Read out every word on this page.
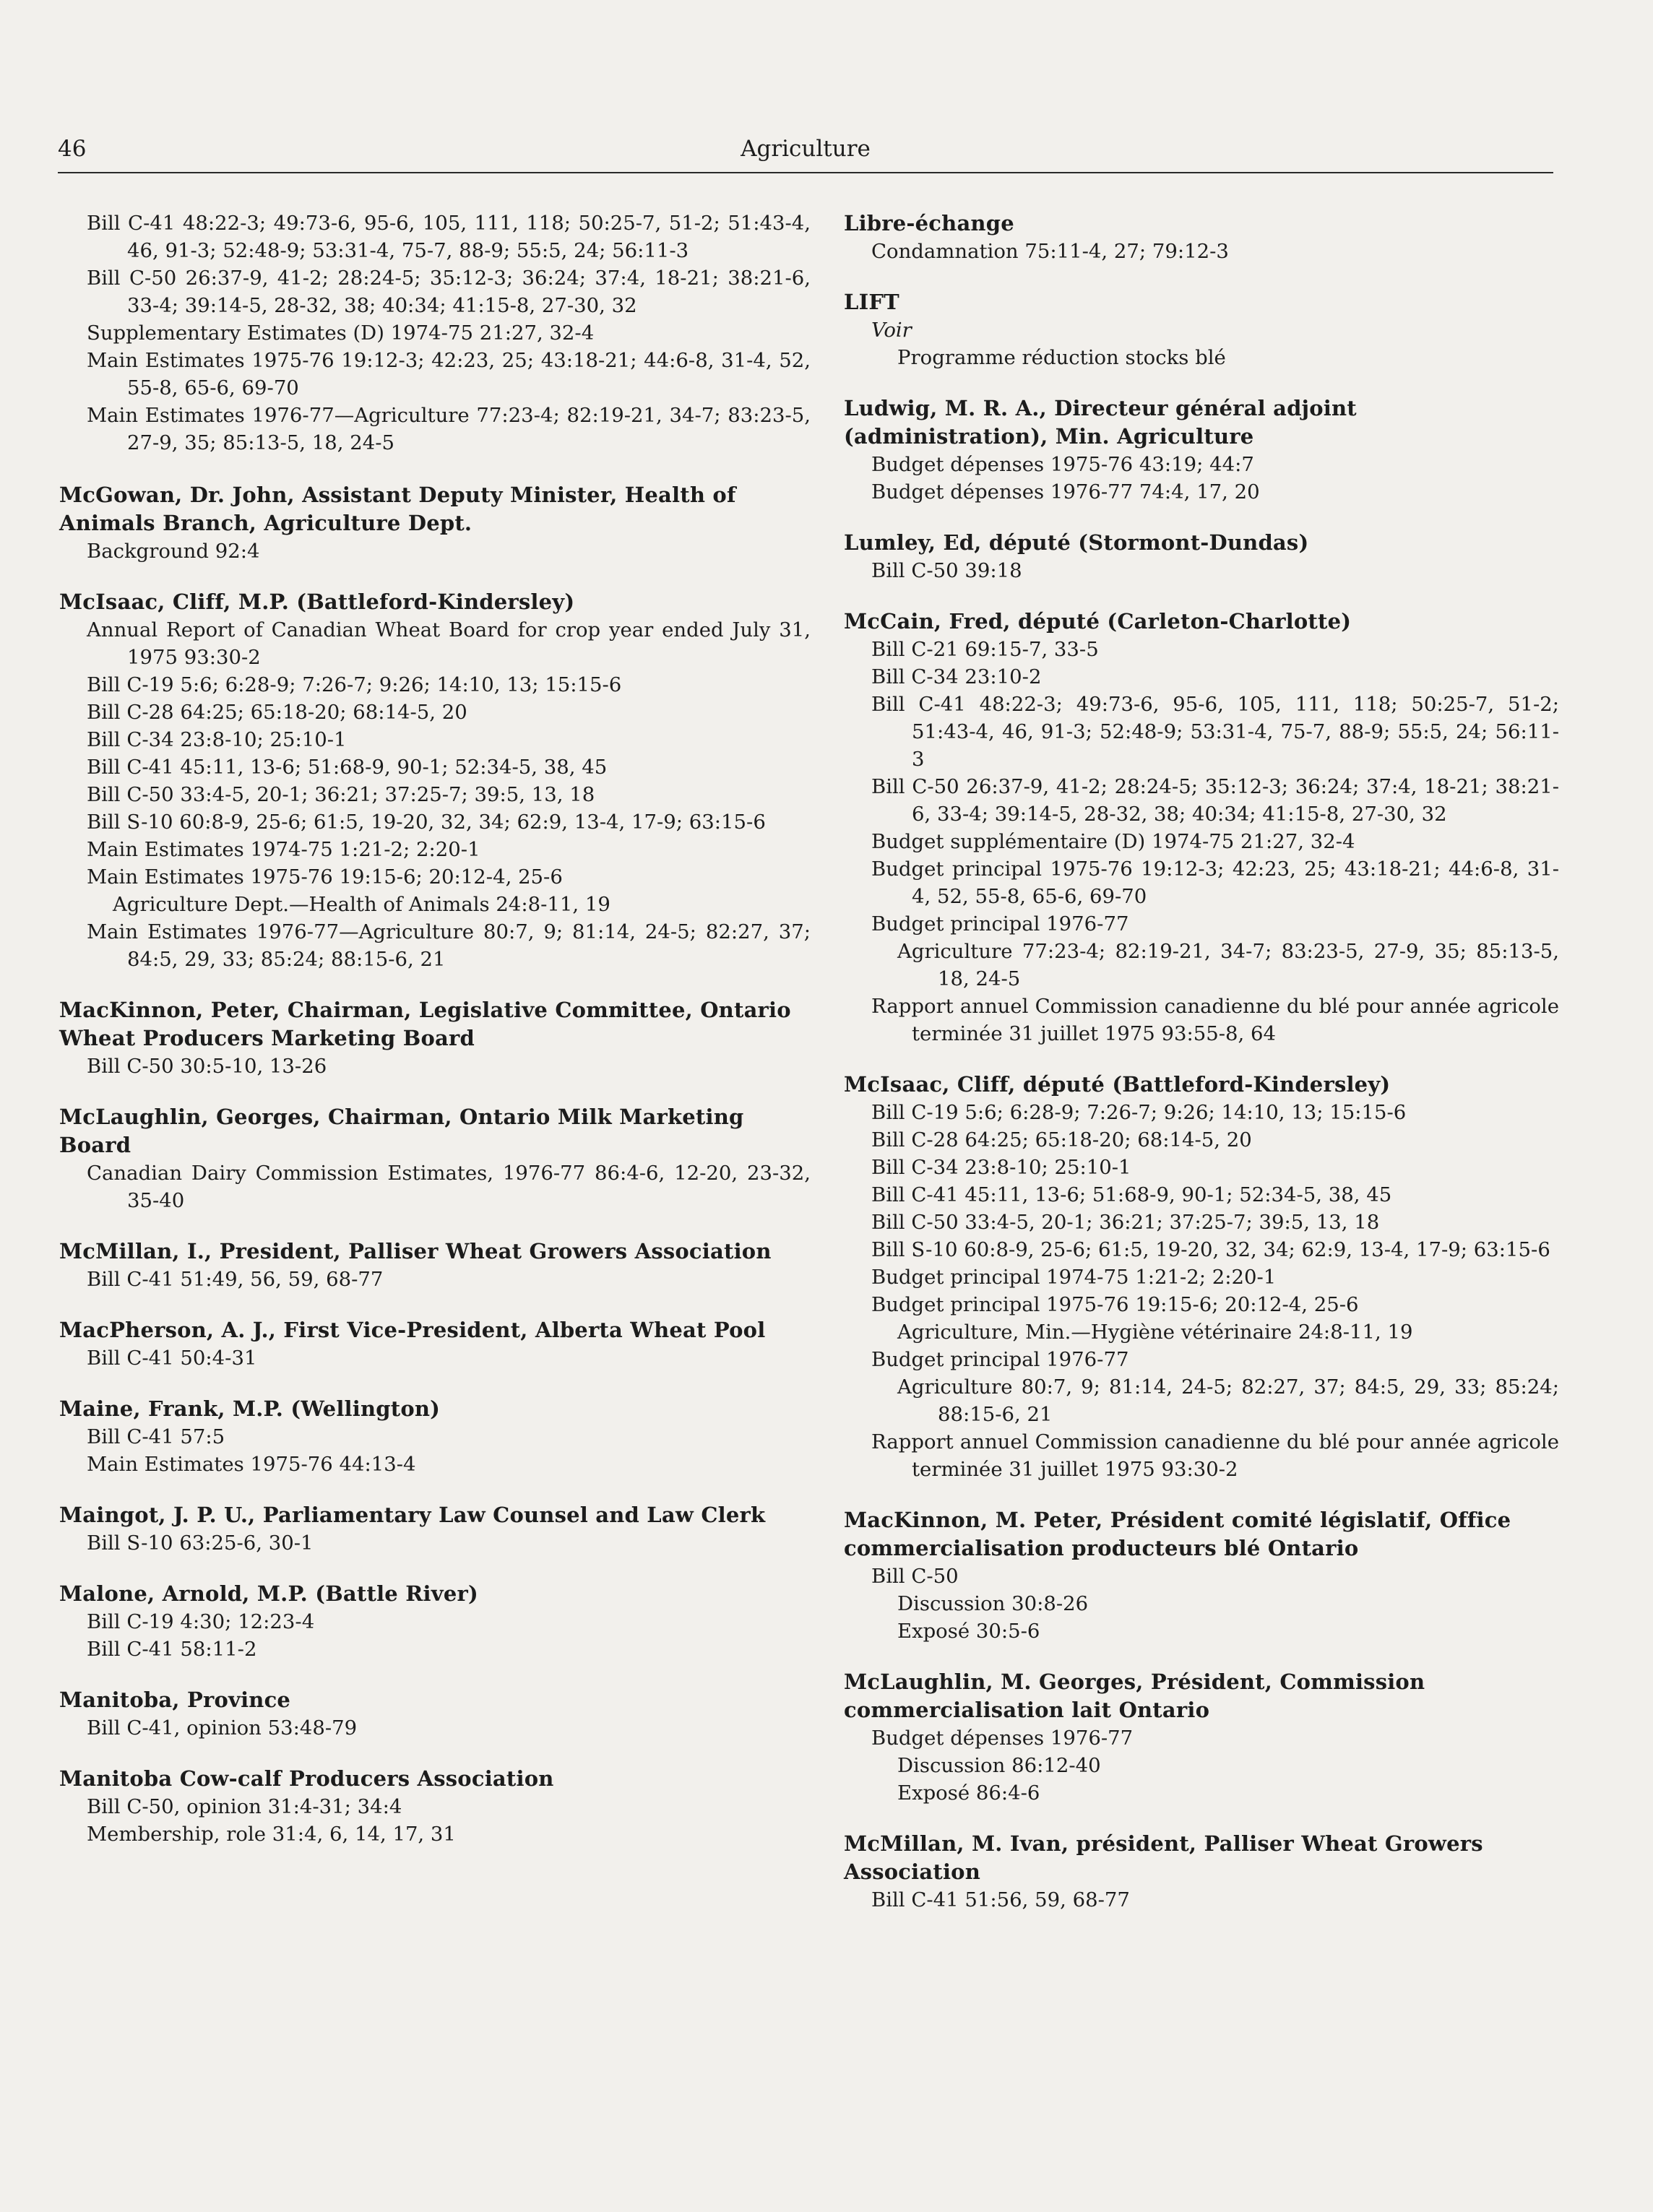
46	Agriculture
Bill C-41 48:22-3; 49:73-6, 95-6, 105, 111, 118; 50:25-7, 51-2; 51:43-4, 46, 91-3; 52:48-9; 53:31-4, 75-7, 88-9; 55:5, 24; 56:11-3
Bill C-50 26:37-9, 41-2; 28:24-5; 35:12-3; 36:24; 37:4, 18-21; 38:21-6, 33-4; 39:14-5, 28-32, 38; 40:34; 41:15-8, 27-30, 32
Supplementary Estimates (D) 1974-75 21:27, 32-4
Main Estimates 1975-76 19:12-3; 42:23, 25; 43:18-21; 44:6-8, 31-4, 52, 55-8, 65-6, 69-70
Main Estimates 1976-77—Agriculture 77:23-4; 82:19-21, 34-7; 83:23-5, 27-9, 35; 85:13-5, 18, 24-5
McGowan, Dr. John, Assistant Deputy Minister, Health of Animals Branch, Agriculture Dept.
Background 92:4
McIsaac, Cliff, M.P. (Battleford-Kindersley)
Annual Report of Canadian Wheat Board for crop year ended July 31, 1975 93:30-2
Bill C-19 5:6; 6:28-9; 7:26-7; 9:26; 14:10, 13; 15:15-6
Bill C-28 64:25; 65:18-20; 68:14-5, 20
Bill C-34 23:8-10; 25:10-1
Bill C-41 45:11, 13-6; 51:68-9, 90-1; 52:34-5, 38, 45
Bill C-50 33:4-5, 20-1; 36:21; 37:25-7; 39:5, 13, 18
Bill S-10 60:8-9, 25-6; 61:5, 19-20, 32, 34; 62:9, 13-4, 17-9; 63:15-6
Main Estimates 1974-75 1:21-2; 2:20-1
Main Estimates 1975-76 19:15-6; 20:12-4, 25-6
Agriculture Dept.—Health of Animals 24:8-11, 19
Main Estimates 1976-77—Agriculture 80:7, 9; 81:14, 24-5; 82:27, 37; 84:5, 29, 33; 85:24; 88:15-6, 21
MacKinnon, Peter, Chairman, Legislative Committee, Ontario Wheat Producers Marketing Board
Bill C-50 30:5-10, 13-26
McLaughlin, Georges, Chairman, Ontario Milk Marketing Board
Canadian Dairy Commission Estimates, 1976-77 86:4-6, 12-20, 23-32, 35-40
McMillan, I., President, Palliser Wheat Growers Association
Bill C-41 51:49, 56, 59, 68-77
MacPherson, A. J., First Vice-President, Alberta Wheat Pool
Bill C-41 50:4-31
Maine, Frank, M.P. (Wellington)
Bill C-41 57:5
Main Estimates 1975-76 44:13-4
Maingot, J. P. U., Parliamentary Law Counsel and Law Clerk
Bill S-10 63:25-6, 30-1
Malone, Arnold, M.P. (Battle River)
Bill C-19 4:30; 12:23-4
Bill C-41 58:11-2
Manitoba, Province
Bill C-41, opinion 53:48-79
Manitoba Cow-calf Producers Association
Bill C-50, opinion 31:4-31; 34:4
Membership, role 31:4, 6, 14, 17, 31
Libre-échange
Condamnation 75:11-4, 27; 79:12-3
LIFT
Voir
Programme réduction stocks blé
Ludwig, M. R. A., Directeur général adjoint (administration), Min. Agriculture
Budget dépenses 1975-76 43:19; 44:7
Budget dépenses 1976-77 74:4, 17, 20
Lumley, Ed, député (Stormont-Dundas)
Bill C-50 39:18
McCain, Fred, député (Carleton-Charlotte)
Bill C-21 69:15-7, 33-5
Bill C-34 23:10-2
Bill C-41 48:22-3; 49:73-6, 95-6, 105, 111, 118; 50:25-7, 51-2; 51:43-4, 46, 91-3; 52:48-9; 53:31-4, 75-7, 88-9; 55:5, 24; 56:11-3
Bill C-50 26:37-9, 41-2; 28:24-5; 35:12-3; 36:24; 37:4, 18-21; 38:21-6, 33-4; 39:14-5, 28-32, 38; 40:34; 41:15-8, 27-30, 32
Budget supplémentaire (D) 1974-75 21:27, 32-4
Budget principal 1975-76 19:12-3; 42:23, 25; 43:18-21; 44:6-8, 31-4, 52, 55-8, 65-6, 69-70
Budget principal 1976-77
Agriculture 77:23-4; 82:19-21, 34-7; 83:23-5, 27-9, 35; 85:13-5, 18, 24-5
Rapport annuel Commission canadienne du blé pour année agricole terminée 31 juillet 1975 93:55-8, 64
McIsaac, Cliff, député (Battleford-Kindersley)
Bill C-19 5:6; 6:28-9; 7:26-7; 9:26; 14:10, 13; 15:15-6
Bill C-28 64:25; 65:18-20; 68:14-5, 20
Bill C-34 23:8-10; 25:10-1
Bill C-41 45:11, 13-6; 51:68-9, 90-1; 52:34-5, 38, 45
Bill C-50 33:4-5, 20-1; 36:21; 37:25-7; 39:5, 13, 18
Bill S-10 60:8-9, 25-6; 61:5, 19-20, 32, 34; 62:9, 13-4, 17-9; 63:15-6
Budget principal 1974-75 1:21-2; 2:20-1
Budget principal 1975-76 19:15-6; 20:12-4, 25-6
Agriculture, Min.—Hygiène vétérinaire 24:8-11, 19
Budget principal 1976-77
Agriculture 80:7, 9; 81:14, 24-5; 82:27, 37; 84:5, 29, 33; 85:24; 88:15-6, 21
Rapport annuel Commission canadienne du blé pour année agricole terminée 31 juillet 1975 93:30-2
MacKinnon, M. Peter, Président comité législatif, Office commercialisation producteurs blé Ontario
Bill C-50
Discussion 30:8-26
Exposé 30:5-6
McLaughlin, M. Georges, Président, Commission commercialisation lait Ontario
Budget dépenses 1976-77
Discussion 86:12-40
Exposé 86:4-6
McMillan, M. Ivan, président, Palliser Wheat Growers Association
Bill C-41 51:56, 59, 68-77
